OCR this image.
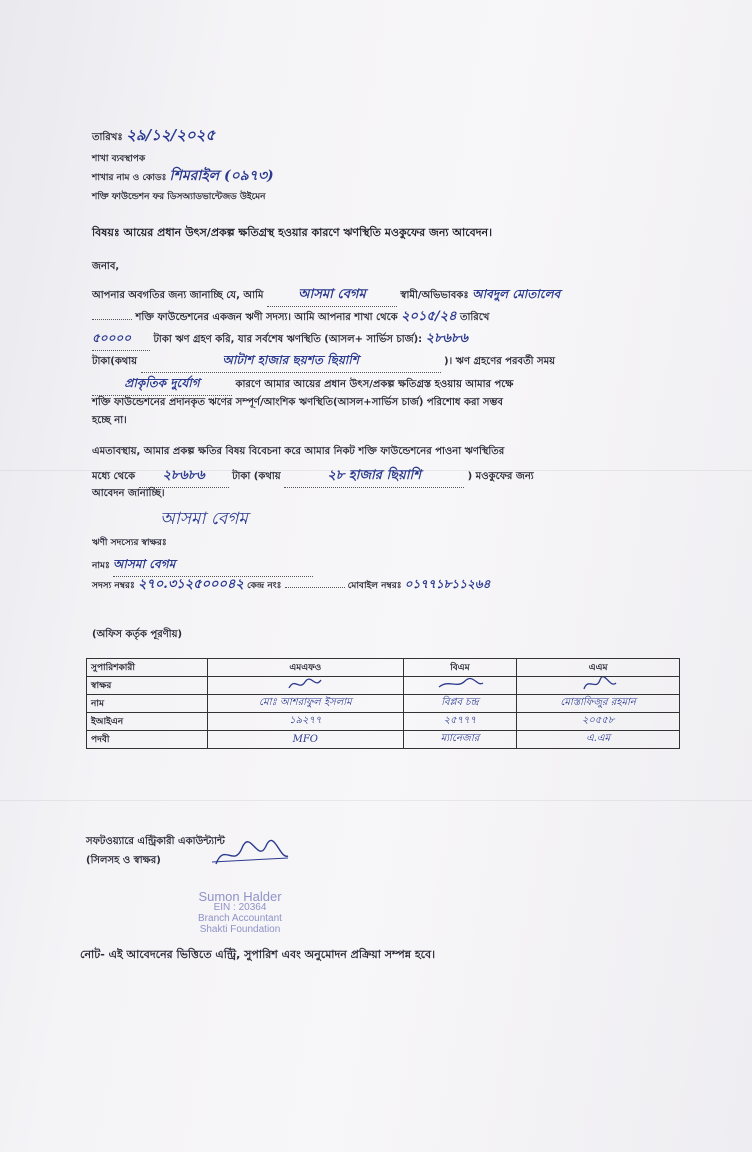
তারিখঃ ২৯/১২/২০২৫
শাখা ব্যবস্থাপক
শাখার নাম ও কোডঃ শিমরাইল (০৯৭৩)
শক্তি ফাউন্ডেশন ফর ডিসঅ্যাডভান্টেজড উইমেন
বিষয়ঃ আয়ের প্রধান উৎস/প্রকল্প ক্ষতিগ্রস্থ হওয়ার কারণে ঋণস্থিতি মওকুফের জন্য আবেদন।
জনাব,
আপনার অবগতির জন্য জানাচ্ছি যে, আমি	আসমা বেগম	স্বামী/অভিভাবকঃ আবদুল মোতালেব
শক্তি ফাউন্ডেশনের একজন ঋণী সদস্য। আমি আপনার শাখা থেকে ২০১৫/২৪ তারিখে
৫০০০০ টাকা ঋণ গ্রহণ করি, যার সর্বশেষ ঋণস্থিতি (আসল+ সার্ভিস চার্জ): ২৮৬৮৬
টাকা(কথায়	আটাশ হাজার ছয়শত ছিয়াশি	)। ঋণ গ্রহণের পরবর্তী সময়
প্রাকৃতিক দুর্যোগ	কারণে আমার আয়ের প্রধান উৎস/প্রকল্প ক্ষতিগ্রস্ত হওয়ায় আমার পক্ষে
শক্তি ফাউন্ডেশনের প্রদানকৃত ঋণের সম্পূর্ণ/আংশিক ঋণস্থিতি(আসল+সার্ভিস চার্জ) পরিশোধ করা সম্ভব
হচ্ছে না।
এমতাবস্থায়, আমার প্রকল্প ক্ষতির বিষয় বিবেচনা করে আমার নিকট শক্তি ফাউন্ডেশনের পাওনা ঋণস্থিতির
মধ্যে থেকে ২৮৬৮৬	টাকা (কথায়	২৮ হাজার ছিয়াশি	) মওকুফের জন্য
আবেদন জানাচ্ছি।
আসমা বেগম
ঋণী সদস্যের স্বাক্ষরঃ
নামঃ আসমা বেগম
সদস্য নম্বরঃ ২৭০.৩১২৫০০০৪২ কেন্দ্র নংঃ	মোবাইল নম্বরঃ ০১৭৭১৮১১২৬৪
(অফিস কর্তৃক পূরণীয়)
সুপারিশকারী	এমএফও	বিএম	এএম
স্বাক্ষর			
নাম	মোঃ আশরাফুল ইসলাম	বিপ্লব চন্দ্র	মোস্তাফিজুর রহমান
ইআইএন	১৯২৭৭	২৫৭৭৭	২০৫৫৮
পদবী	MFO	ম্যানেজার	এ.এম
সফটওয়্যারে এন্ট্রিকারী একাউন্ট্যান্ট
(সিলসহ ও স্বাক্ষর)
Sumon Halder
EIN : 20364
Branch Accountant
Shakti Foundation
নোট- এই আবেদনের ভিত্তিতে এন্ট্রি, সুপারিশ এবং অনুমোদন প্রক্রিয়া সম্পন্ন হবে।
